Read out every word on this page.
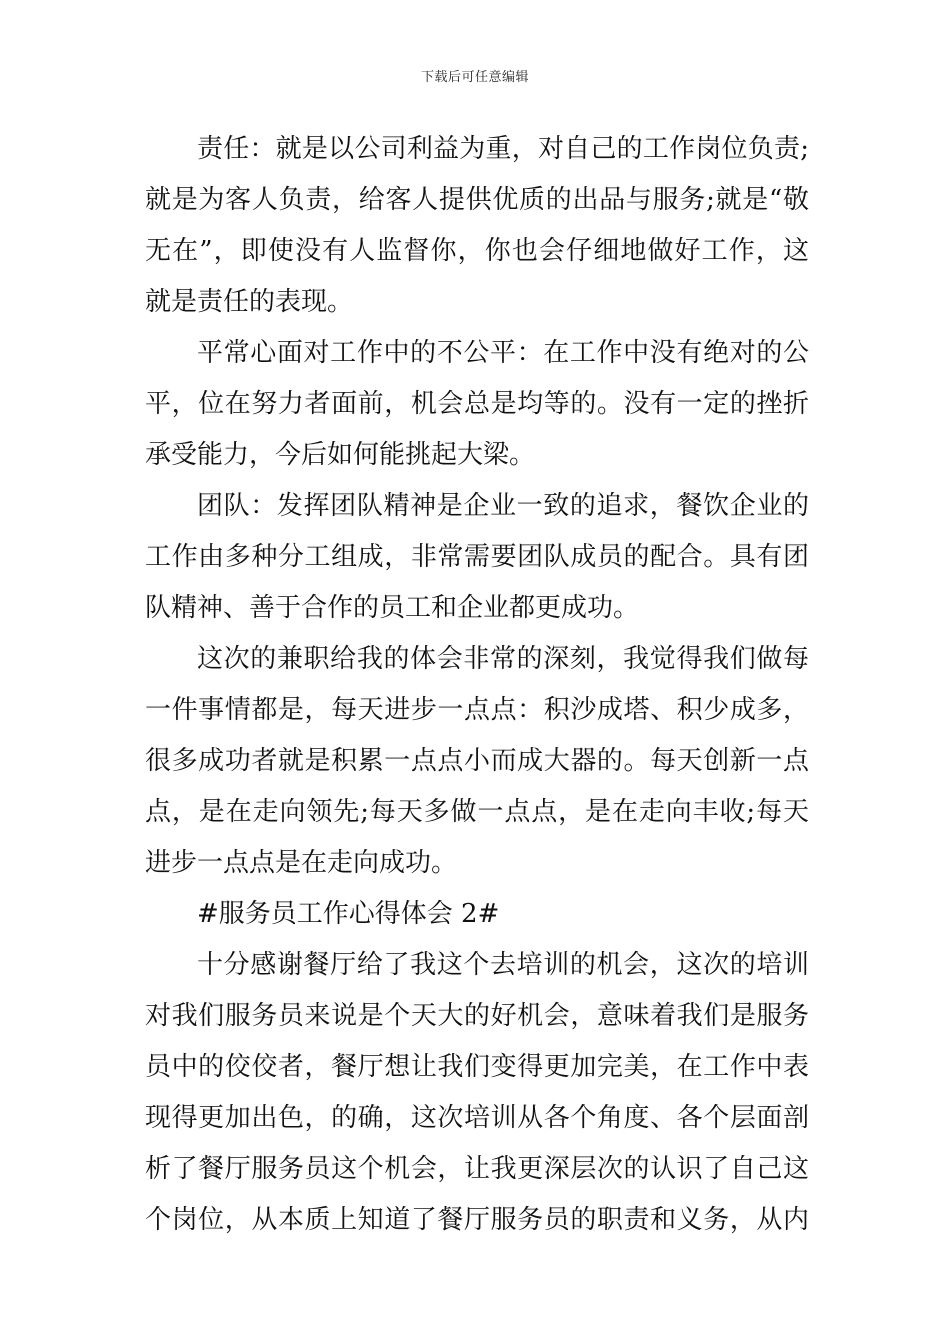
下载后可任意编辑
责任：就是以公司利益为重，对自己的工作岗位负责;
就是为客人负责，给客人提供优质的出品与服务;就是“敬
无在”，即使没有人监督你，你也会仔细地做好工作，这
就是责任的表现。
平常心面对工作中的不公平：在工作中没有绝对的公
平，位在努力者面前，机会总是均等的。没有一定的挫折
承受能力，今后如何能挑起大梁。
团队：发挥团队精神是企业一致的追求，餐饮企业的
工作由多种分工组成，非常需要团队成员的配合。具有团
队精神、善于合作的员工和企业都更成功。
这次的兼职给我的体会非常的深刻，我觉得我们做每
一件事情都是，每天进步一点点：积沙成塔、积少成多，
很多成功者就是积累一点点小而成大器的。每天创新一点
点，是在走向领先;每天多做一点点，是在走向丰收;每天
进步一点点是在走向成功。
#服务员工作心得体会 2#
十分感谢餐厅给了我这个去培训的机会，这次的培训
对我们服务员来说是个天大的好机会，意味着我们是服务
员中的佼佼者，餐厅想让我们变得更加完美，在工作中表
现得更加出色，的确，这次培训从各个角度、各个层面剖
析了餐厅服务员这个机会，让我更深层次的认识了自己这
个岗位，从本质上知道了餐厅服务员的职责和义务，从内
